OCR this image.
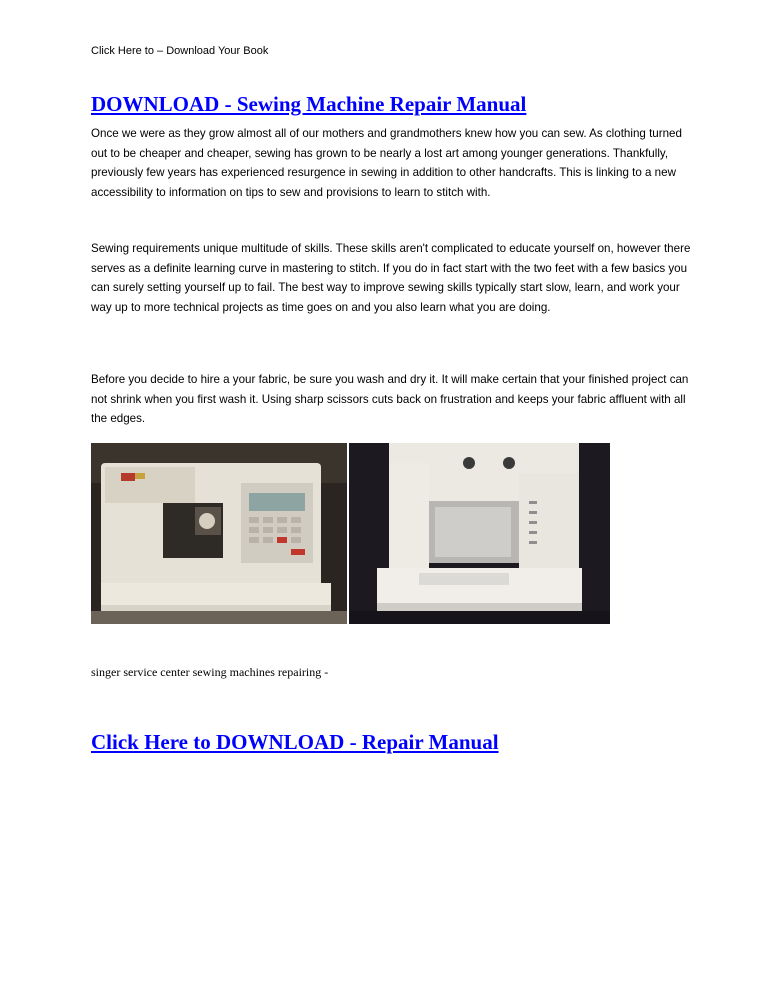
Click Here to – Download Your Book
DOWNLOAD - Sewing Machine Repair Manual

Once we were as they grow almost all of our mothers and grandmothers knew how you can sew. As clothing turned out to be cheaper and cheaper, sewing has grown to be nearly a lost art among younger generations. Thankfully, previously few years has experienced resurgence in sewing in addition to other handcrafts. This is linking to a new accessibility to information on tips to sew and provisions to learn to stitch with.

Sewing requirements unique multitude of skills. These skills aren't complicated to educate yourself on, however there serves as a definite learning curve in mastering to stitch. If you do in fact start with the two feet with a few basics you can surely setting yourself up to fail. The best way to improve sewing skills typically start slow, learn, and work your way up to more technical projects as time goes on and you also learn what you are doing.

Before you decide to hire a your fabric, be sure you wash and dry it. It will make certain that your finished project can not shrink when you first wash it. Using sharp scissors cuts back on frustration and keeps your fabric affluent with all the edges.

singer service center sewing machines repairing -
Click Here to DOWNLOAD - Repair Manual
